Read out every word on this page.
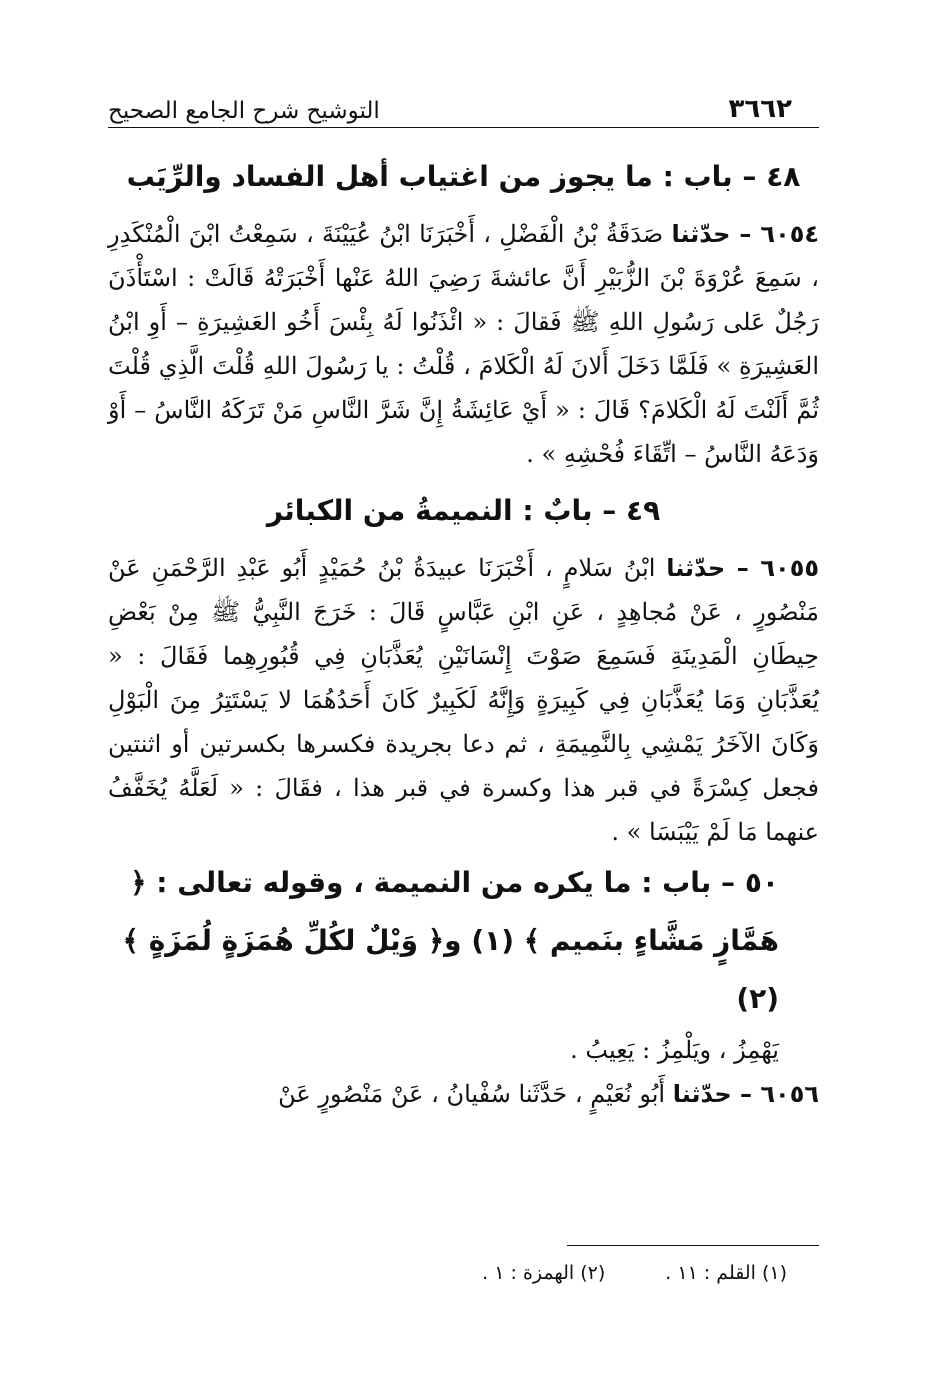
٣٦٦٢
التوشيح شرح الجامع الصحيح
٤٨ – باب : ما يجوز من اغتياب أهل الفساد والرِّيَب

٦٠٥٤ – حدّثنا صَدَقَةُ بْنُ الْفَضْلِ ، أَخْبَرَنَا ابْنُ عُيَيْنَةَ ، سَمِعْتُ ابْنَ الْمُنْكَدِرِ ، سَمِعَ عُرْوَةَ بْنَ الزُّبَيْرِ أَنَّ عائشةَ رَضِيَ اللهُ عَنْها أَخْبَرَتْهُ قَالَتْ : اسْتَأْذَنَ رَجُلٌ عَلى رَسُولِ اللهِ ﷺ فَقالَ : « ائْذَنُوا لَهُ بِئْسَ أَخُو العَشِيرَةِ – أَوِ ابْنُ العَشِيرَةِ » فَلَمَّا دَخَلَ أَلانَ لَهُ الْكَلامَ ، قُلْتُ : يا رَسُولَ اللهِ قُلْتَ الَّذِي قُلْتَ ثُمَّ أَلَنْتَ لَهُ الْكَلامَ؟ قَالَ : « أَيْ عَائِشَةُ إِنَّ شَرَّ النَّاسِ مَنْ تَرَكَهُ النَّاسُ – أَوْ وَدَعَهُ النَّاسُ – اتِّقَاءَ فُحْشِهِ » .

٤٩ – بابٌ : النميمةُ من الكبائر

٦٠٥٥ – حدّثنا ابْنُ سَلامٍ ، أَخْبَرَنَا عبيدَةُ بْنُ حُمَيْدٍ أَبُو عَبْدِ الرَّحْمَنِ عَنْ مَنْصُورٍ ، عَنْ مُجاهِدٍ ، عَنِ ابْنِ عَبَّاسٍ قَالَ : خَرَجَ النَّبِيُّ ﷺ مِنْ بَعْضِ حِيطَانِ الْمَدِينَةِ فَسَمِعَ صَوْتَ إِنْسَانَيْنِ يُعَذَّبَانِ فِي قُبُورِهِما فَقَالَ : « يُعَذَّبَانِ وَمَا يُعَذَّبَانِ فِي كَبِيرَةٍ وَإِنَّهُ لَكَبِيرٌ كَانَ أَحَدُهُمَا لا يَسْتَتِرُ مِنَ الْبَوْلِ وَكَانَ الآخَرُ يَمْشِي بِالنَّمِيمَةِ ، ثم دعا بجريدة فكسرها بكسرتين أو اثنتين فجعل كِسْرَةً في قبر هذا وكسرة في قبر هذا ، فقَالَ : « لَعَلَّهُ يُخَفَّفُ عنهما مَا لَمْ يَيْبَسَا » .

٥٠ – باب : ما يكره من النميمة ، وقوله تعالى : ﴿ هَمَّازٍ مَشَّاءٍ بنَميم ﴾ (١) و﴿ وَيْلٌ لكُلِّ هُمَزَةٍ لُمَزَةٍ ﴾ (٢)

يَهْمِزُ ، ويَلْمِزُ : يَعِيبُ .

٦٠٥٦ – حدّثنا أَبُو نُعَيْمٍ ، حَدَّثَنا سُفْيانُ ، عَنْ مَنْصُورٍ عَنْ

(١) القلم : ١١ .
(٢) الهمزة : ١ .
